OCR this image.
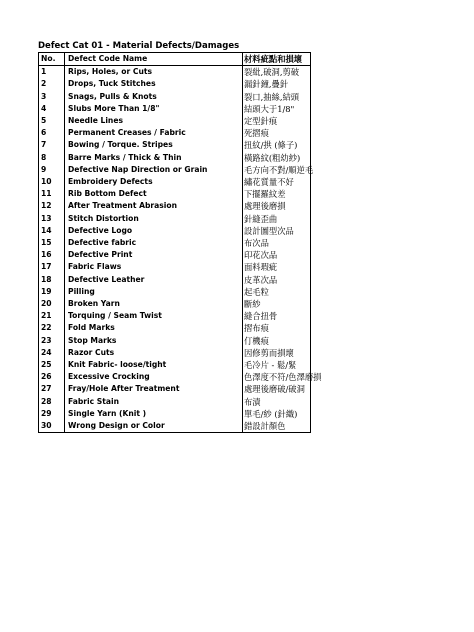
Defect Cat 01 - Material Defects/Damages
No.	Defect Code Name	材料疵點和損壞
1	Rips, Holes, or Cuts	裂紕,破洞,剪破
2	Drops, Tuck Stitches	漏針鐘,疊針
3	Snags, Pulls & Knots	裂口,抽絲,結頭
4	Slubs More Than 1/8"	結頭大于1/8"
5	Needle Lines	定型針痕
6	Permanent Creases / Fabric	死摺痕
7	Bowing / Torque. Stripes	扭紋/拱 (條子)
8	Barre Marks / Thick & Thin	橫路紋(粗幼紗)
9	Defective Nap Direction or Grain	毛方向不對/順逆毛
10	Embroidery Defects	繡花質量不好
11	Rib Bottom Defect	下擺羅紋差
12	After Treatment Abrasion	處理後磨損
13	Stitch Distortion	針縫歪曲
14	Defective Logo	設計圖型次品
15	Defective fabric	布次品
16	Defective Print	印花次品
17	Fabric Flaws	面料瑕疵
18	Defective Leather	皮革次品
19	Pilling	起毛粒
20	Broken Yarn	斷紗
21	Torquing / Seam Twist	縫合扭骨
22	Fold Marks	摺布痕
23	Stop Marks	仃機痕
24	Razor Cuts	因修剪而損壞
25	Knit Fabric- loose/tight	毛冷片 - 鬆/緊
26	Excessive Crocking	色澤度不符/色澤磨損
27	Fray/Hole After Treatment	處理後磨破/破洞
28	Fabric Stain	布漬
29	Single Yarn (Knit )	單毛/紗 (針織)
30	Wrong Design or Color	錯設計顏色
